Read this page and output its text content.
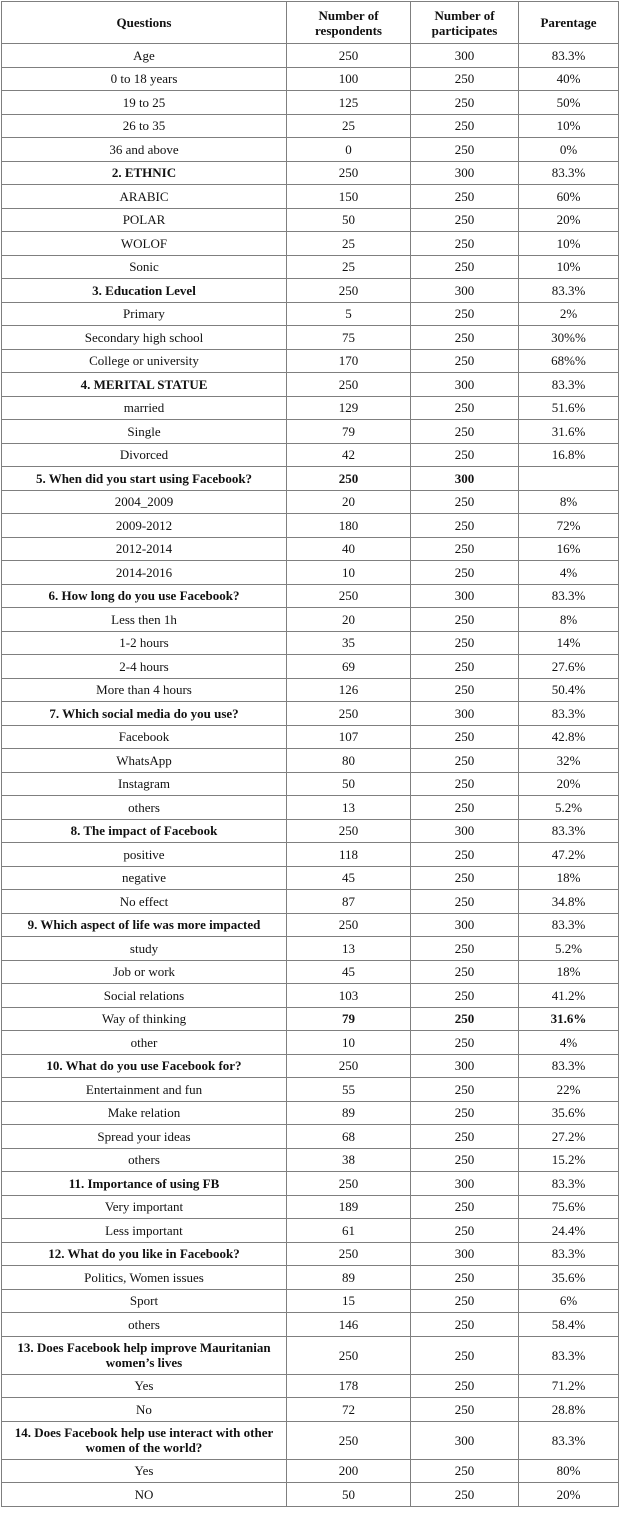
Questions	Number of respondents	Number of participates	Parentage
Age	250	300	83.3%
0 to 18 years	100	250	40%
19 to 25	125	250	50%
26 to 35	25	250	10%
36 and above	0	250	0%
2. ETHNIC	250	300	83.3%
ARABIC	150	250	60%
POLAR	50	250	20%
WOLOF	25	250	10%
Sonic	25	250	10%
3. Education Level	250	300	83.3%
Primary	5	250	2%
Secondary high school	75	250	30%%
College or university	170	250	68%%
4. MERITAL STATUE	250	300	83.3%
married	129	250	51.6%
Single	79	250	31.6%
Divorced	42	250	16.8%
5. When did you start using Facebook?	250	300	
2004_2009	20	250	8%
2009-2012	180	250	72%
2012-2014	40	250	16%
2014-2016	10	250	4%
6. How long do you use Facebook?	250	300	83.3%
Less then 1h	20	250	8%
1-2 hours	35	250	14%
2-4 hours	69	250	27.6%
More than 4 hours	126	250	50.4%
7. Which social media do you use?	250	300	83.3%
Facebook	107	250	42.8%
WhatsApp	80	250	32%
Instagram	50	250	20%
others	13	250	5.2%
8. The impact of Facebook	250	300	83.3%
positive	118	250	47.2%
negative	45	250	18%
No effect	87	250	34.8%
9. Which aspect of life was more impacted	250	300	83.3%
study	13	250	5.2%
Job or work	45	250	18%
Social relations	103	250	41.2%
Way of thinking	79	250	31.6%
other	10	250	4%
10. What do you use Facebook for?	250	300	83.3%
Entertainment and fun	55	250	22%
Make relation	89	250	35.6%
Spread your ideas	68	250	27.2%
others	38	250	15.2%
11. Importance of using FB	250	300	83.3%
Very important	189	250	75.6%
Less important	61	250	24.4%
12. What do you like in Facebook?	250	300	83.3%
Politics, Women issues	89	250	35.6%
Sport	15	250	6%
others	146	250	58.4%
13. Does Facebook help improve Mauritanian women’s lives	250	250	83.3%
Yes	178	250	71.2%
No	72	250	28.8%
14. Does Facebook help use interact with other women of the world?	250	300	83.3%
Yes	200	250	80%
NO	50	250	20%
